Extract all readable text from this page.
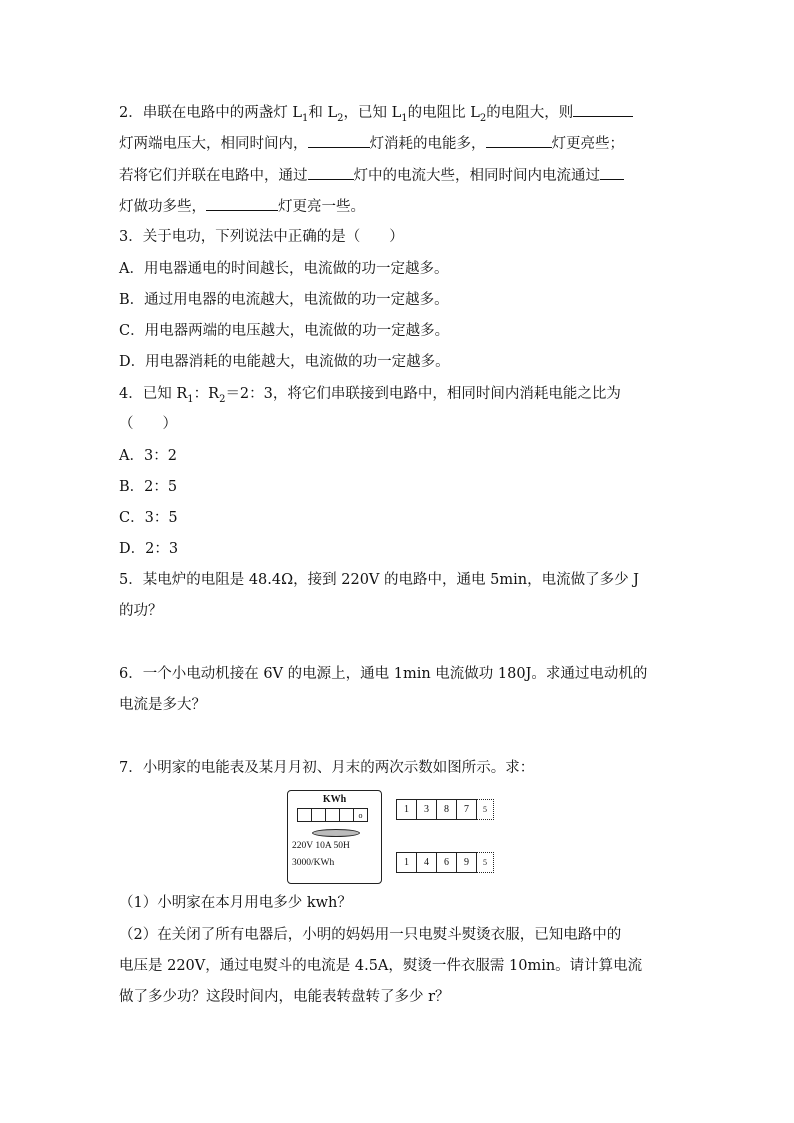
2．串联在电路中的两盏灯 $L_1$和 $L_2$，已知 $L_1$的电阻比 $L_2$的电阻大，则
灯两端电压大，相同时间内，	灯消耗的电能多，	灯更亮些；
若将它们并联在电路中，通过	灯中的电流大些，相同时间内电流通过
灯做功多些，	灯更亮一些。
3．关于电功，下列说法中正确的是（　　）
A．用电器通电的时间越长，电流做的功一定越多。
B．通过用电器的电流越大，电流做的功一定越多。
C．用电器两端的电压越大，电流做的功一定越多。
D．用电器消耗的电能越大，电流做的功一定越多。
4．已知 $R_1$：$R_2=2$：3，将它们串联接到电路中，相同时间内消耗电能之比为
（　　）
A．3：2
B．2：5
C．3：5
D．2：3
5．某电炉的电阻是 48.4Ω，接到 220V 的电路中，通电 5min，电流做了多少 J
的功？
6．一个小电动机接在 6V 的电源上，通电 1min 电流做功 180J。求通过电动机的
电流是多大？
7．小明家的电能表及某月月初、月末的两次示数如图所示。求：
KWh
o
220V 10A 50H
3000/KWh
1	3	8	7	5
1	4	6	9	5
（1）小明家在本月用电多少 kwh？
（2）在关闭了所有电器后，小明的妈妈用一只电熨斗熨烫衣服，已知电路中的
电压是 220V，通过电熨斗的电流是 4.5A，熨烫一件衣服需 10min。请计算电流
做了多少功？这段时间内，电能表转盘转了多少 r？
